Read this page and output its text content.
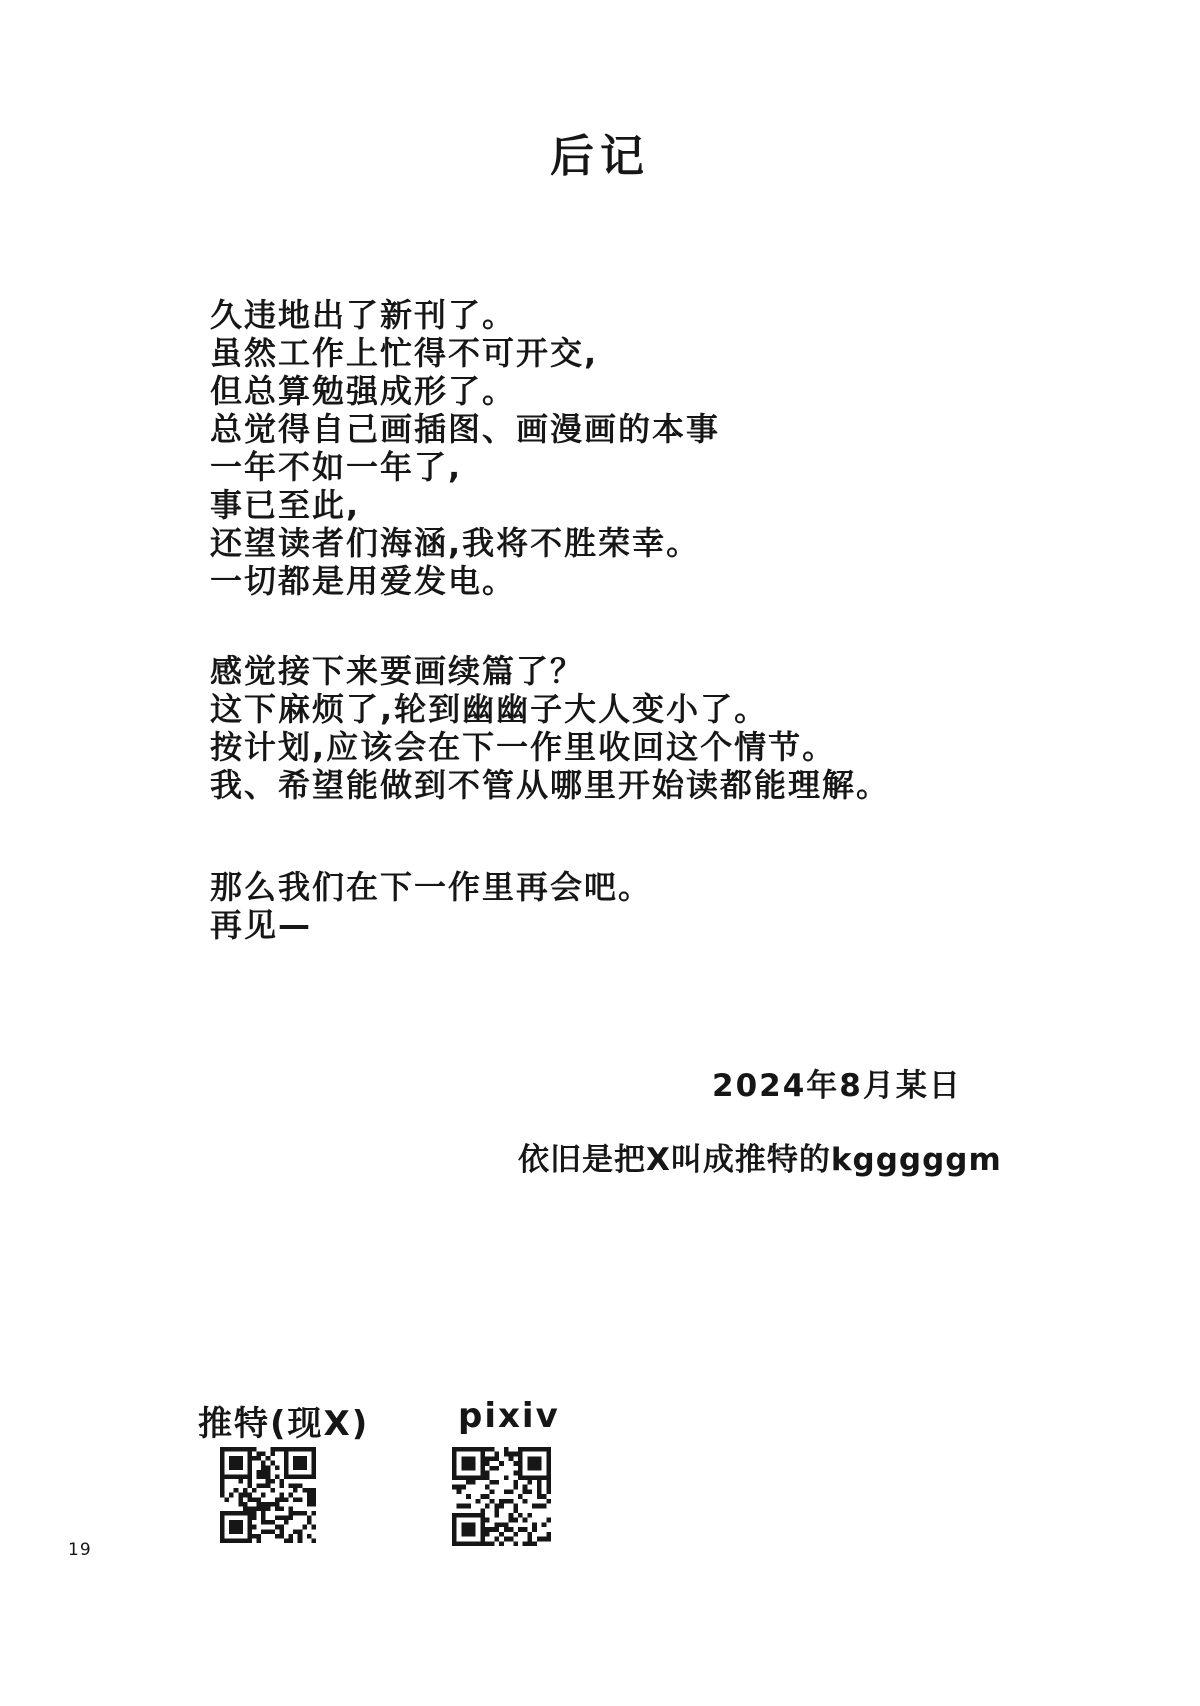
后记
久违地出了新刊了。
虽然工作上忙得不可开交,
但总算勉强成形了。
总觉得自己画插图、画漫画的本事
一年不如一年了,
事已至此,
还望读者们海涵,我将不胜荣幸。
一切都是用爱发电。
感觉接下来要画续篇了？
这下麻烦了,轮到幽幽子大人变小了。
按计划,应该会在下一作里收回这个情节。
我、希望能做到不管从哪里开始读都能理解。
那么我们在下一作里再会吧。
再见—
2024年8月某日
依旧是把X叫成推特的kgggggm
推特(现X)	pixiv
19
